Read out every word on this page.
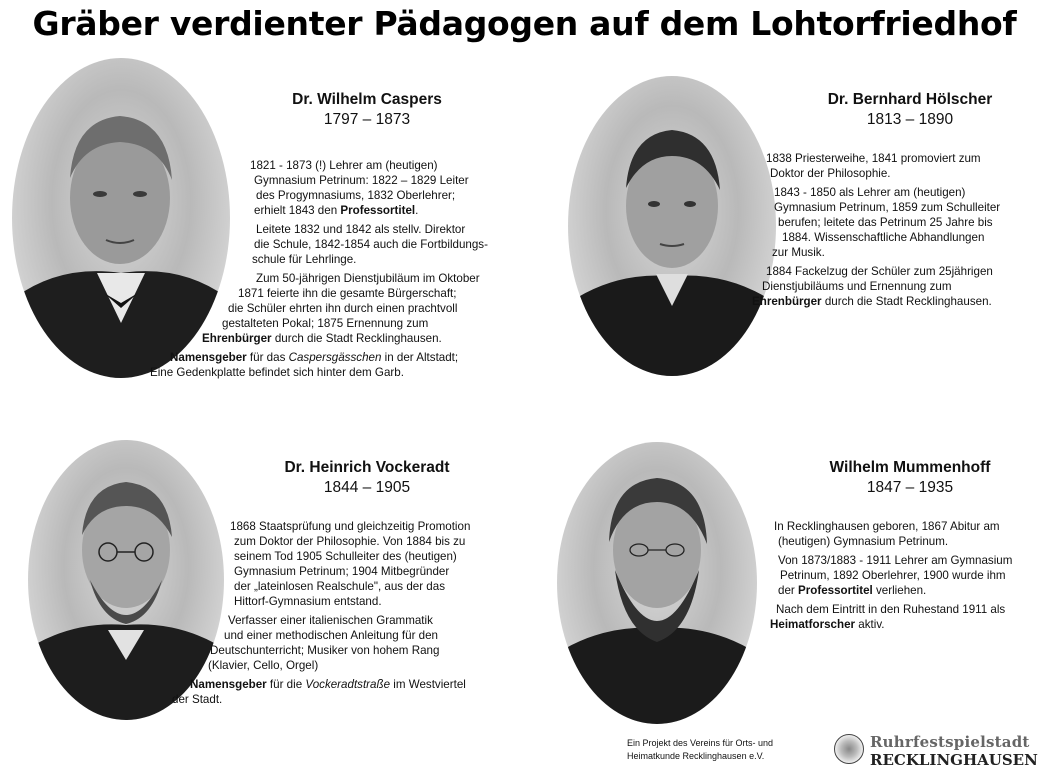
Gräber verdienter Pädagogen auf dem Lohtorfriedhof
Dr. Wilhelm Caspers
1797 – 1873

1821 - 1873 (!) Lehrer am (heutigen)
Gymnasium Petrinum: 1822 – 1829 Leiter
des Progymnasiums, 1832 Oberlehrer;
erhielt 1843 den Professortitel.

Leitete 1832 und 1842 als stellv. Direktor
die Schule, 1842-1854 auch die Fortbildungs-
schule für Lehrlinge.

Zum 50-jährigen Dienstjubiläum im Oktober
1871 feierte ihn die gesamte Bürgerschaft;
die Schüler ehrten ihn durch einen prachtvoll
gestalteten Pokal; 1875 Ernennung zum
Ehrenbürger durch die Stadt Recklinghausen.

Namensgeber für das Caspersgässchen in der Altstadt;
Eine Gedenkplatte befindet sich hinter dem Garb.

Dr. Bernhard Hölscher
1813 – 1890

1838 Priesterweihe, 1841 promoviert zum
Doktor der Philosophie.

1843 - 1850 als Lehrer am (heutigen)
Gymnasium Petrinum, 1859 zum Schulleiter
berufen; leitete das Petrinum 25 Jahre bis
1884. Wissenschaftliche Abhandlungen
zur Musik.

1884 Fackelzug der Schüler zum 25jährigen
Dienstjubiläums und Ernennung zum
Ehrenbürger durch die Stadt Recklinghausen.

Dr. Heinrich Vockeradt
1844 – 1905

1868 Staatsprüfung und gleichzeitig Promotion
zum Doktor der Philosophie. Von 1884 bis zu
seinem Tod 1905 Schulleiter des (heutigen)
Gymnasium Petrinum; 1904 Mitbegründer
der „lateinlosen Realschule", aus der das
Hittorf-Gymnasium entstand.

Verfasser einer italienischen Grammatik
und einer methodischen Anleitung für den
Deutschunterricht; Musiker von hohem Rang
(Klavier, Cello, Orgel)

Namensgeber für die Vockeradtstraße im Westviertel
der Stadt.

Wilhelm Mummenhoff
1847 – 1935

In Recklinghausen geboren, 1867 Abitur am
(heutigen) Gymnasium Petrinum.

Von 1873/1883 - 1911 Lehrer am Gymnasium
Petrinum, 1892 Oberlehrer, 1900 wurde ihm
der Professortitel verliehen.

Nach dem Eintritt in den Ruhestand 1911 als
Heimatforscher aktiv.

Ein Projekt des Vereins für Orts- und
Heimatkunde Recklinghausen e.V.
Ruhrfestspielstadt
RECKLINGHAUSEN
